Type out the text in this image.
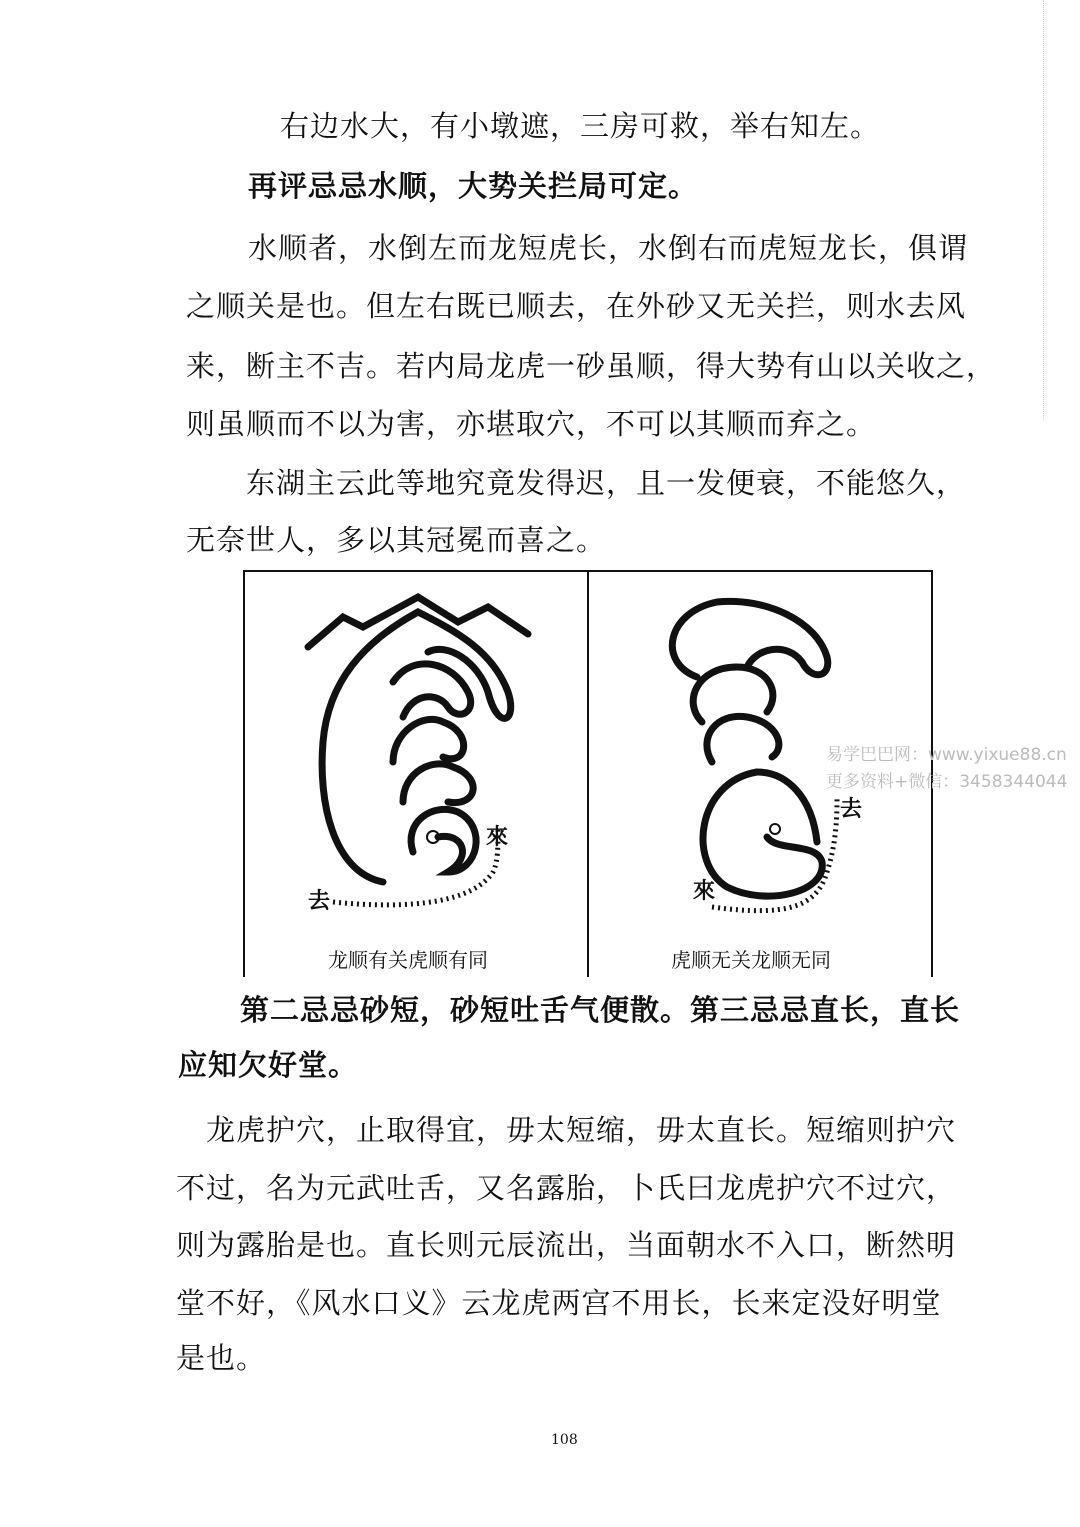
右边水大，有小墩遮，三房可救，举右知左。
再评忌忌水顺，大势关拦局可定。
水顺者，水倒左而龙短虎长，水倒右而虎短龙长，俱谓
之顺关是也。但左右既已顺去，在外砂又无关拦，则水去风
来，断主不吉。若内局龙虎一砂虽顺，得大势有山以关收之，
则虽顺而不以为害，亦堪取穴，不可以其顺而弃之。
东湖主云此等地究竟发得迟，且一发便衰，不能悠久，
无奈世人，多以其冠冕而喜之。
去
來
龙顺有关虎顺有同
來
去
虎顺无关龙顺无同
易学巴巴网：www.yixue88.cn
更多资料+微信：3458344044
第二忌忌砂短，砂短吐舌气便散。第三忌忌直长，直长
应知欠好堂。
龙虎护穴，止取得宜，毋太短缩，毋太直长。短缩则护穴
不过，名为元武吐舌，又名露胎，卜氏曰龙虎护穴不过穴，
则为露胎是也。直长则元辰流出，当面朝水不入口，断然明
堂不好，《风水口义》云龙虎两宫不用长，长来定没好明堂
是也。
108
